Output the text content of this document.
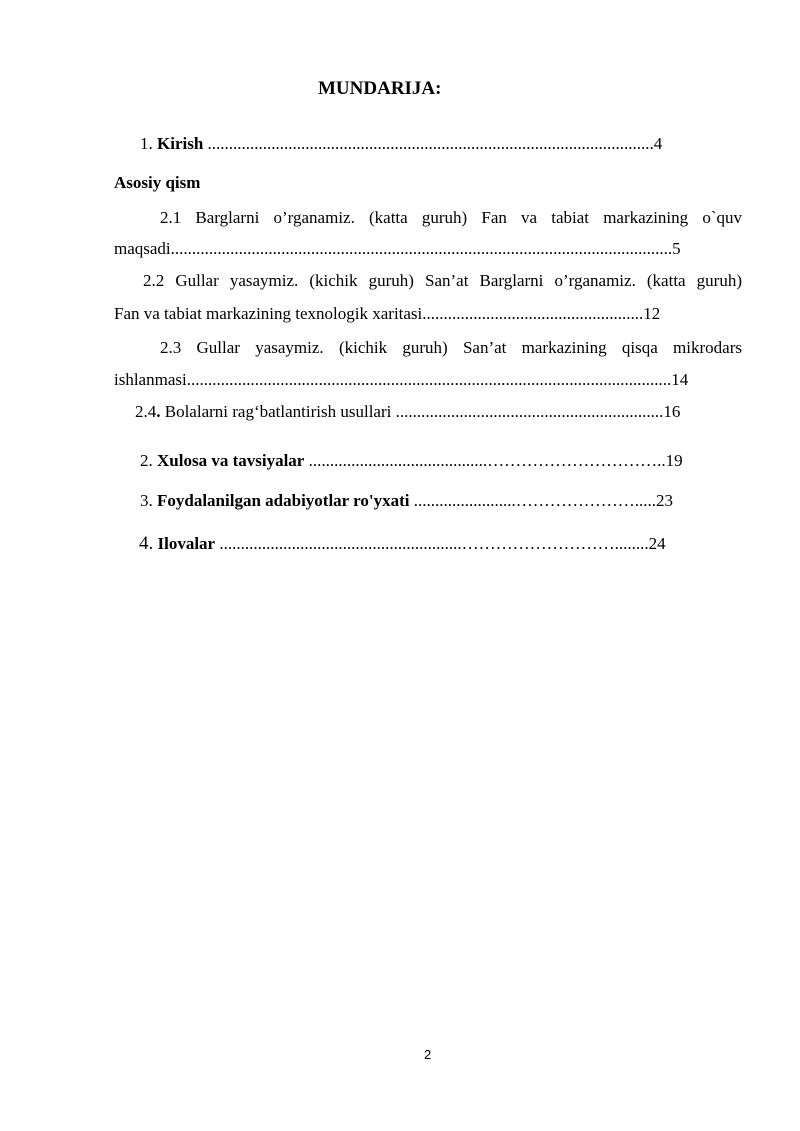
MUNDARIJA:
1. Kirish .........................................................................................................4
Asosiy qism
2.1 Barglarni o’rganamiz. (katta guruh) Fan va tabiat markazining o`quv
maqsadi......................................................................................................................5
2.2 Gullar yasaymiz. (kichik guruh) San’at Barglarni o’rganamiz. (katta guruh)
Fan va tabiat markazining texnologik xaritasi....................................................12
2.3 Gullar yasaymiz. (kichik guruh) San’at markazining qisqa mikrodars
ishlanmasi..................................................................................................................14
2.4. Bolalarni rag‘batlantirish usullari ...............................................................16
2. Xulosa va tavsiyalar ..........................................…………………………..19
3. Foydalanilgan adabiyotlar ro'yxati ........................………………….....23
4. Ilovalar .........................................................………………………........24
2
